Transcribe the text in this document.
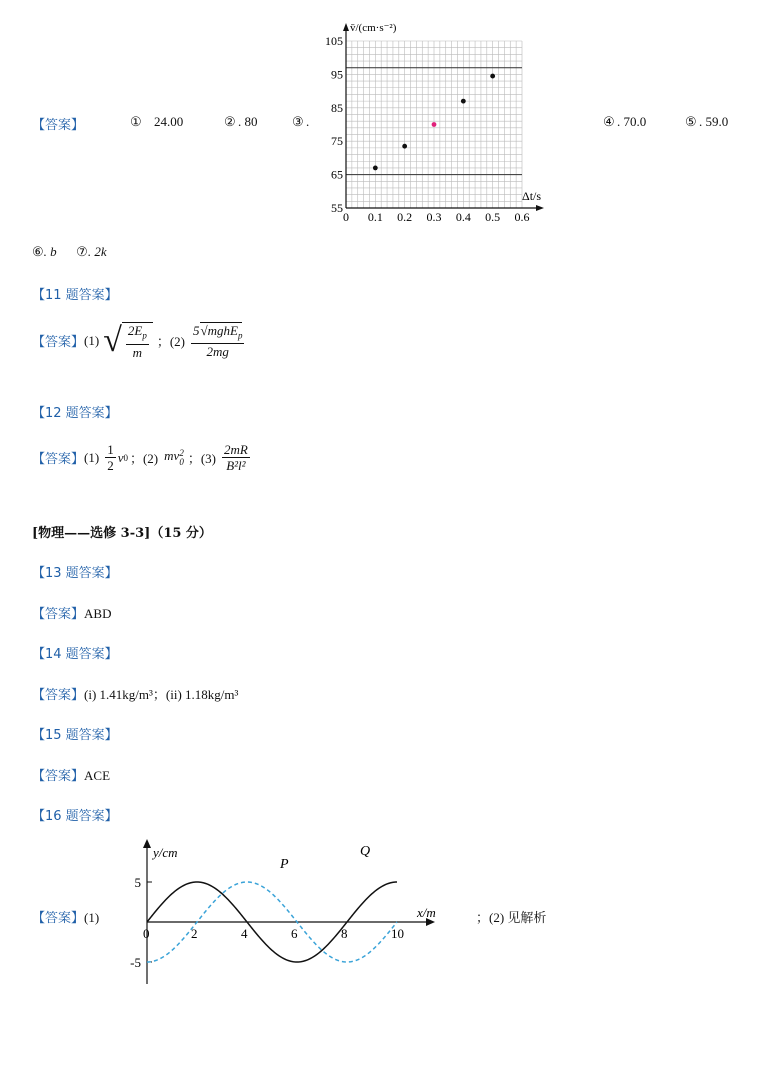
【答案】	① 24.00	② . 80	③ .	④ . 70.0	⑤ . 59.0
0 0.1 0.2 0.3 0.4 0.5 0.6
55
65
75
85
95
105
v̄/(cm·s⁻²)
Δt/s
⑥. b ⑦. 2k
【11 题答案】
【答案】 (1) √ $\frac{2E_p}{m}$ ；$(2) \frac{5√mghE_p}{2mg}$
【12 题答案】
【答案】 $(1) \frac{1}{2}$ v 0 ；(2) mv 2
0 ；$(3) \frac{2mR}{\text{B²l²}}$
[物理——选修 3-3]（15 分）
【13 题答案】
【答案】ABD
【14 题答案】
【答案】(i) 1.41kg/m³；(ii) 1.18kg/m³
【15 题答案】
【答案】ACE
【16 题答案】
【答案】(1)	；(2) 见解析
0	2	4	6	8	10
5
-5
y/cm
x/m
P
Q
